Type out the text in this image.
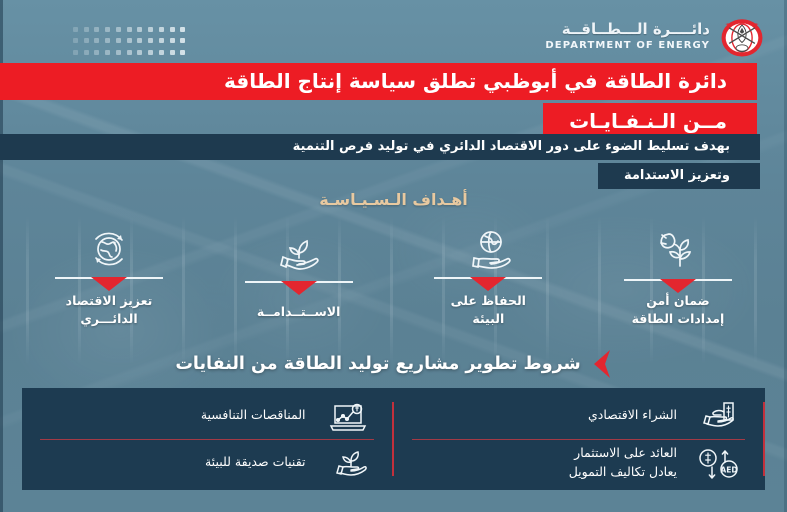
دائــــرة الـــطــاقــة
DEPARTMENT OF ENERGY
دائرة الطاقة في أبوظبي تطلق سياسة إنتاج الطاقة
مــن الـنـفـايـات
بهدف تسليط الضوء على دور الاقتصاد الدائري في توليد فرص التنمية
وتعزيز الاستدامة
أهـداف الـسـيـاسـة
تعزيز الاقتصاد
الدائـــري	الاســتــدامــة
الحفاظ على
البيئة
ضمان أمن
إمدادات الطاقة
شروط تطوير مشاريع توليد الطاقة من النفايات
المناقصات التنافسية
تقنيات صديقة للبيئة
الشراء الاقتصادي
AED
العائد على الاستثمار
يعادل تكاليف التمويل
